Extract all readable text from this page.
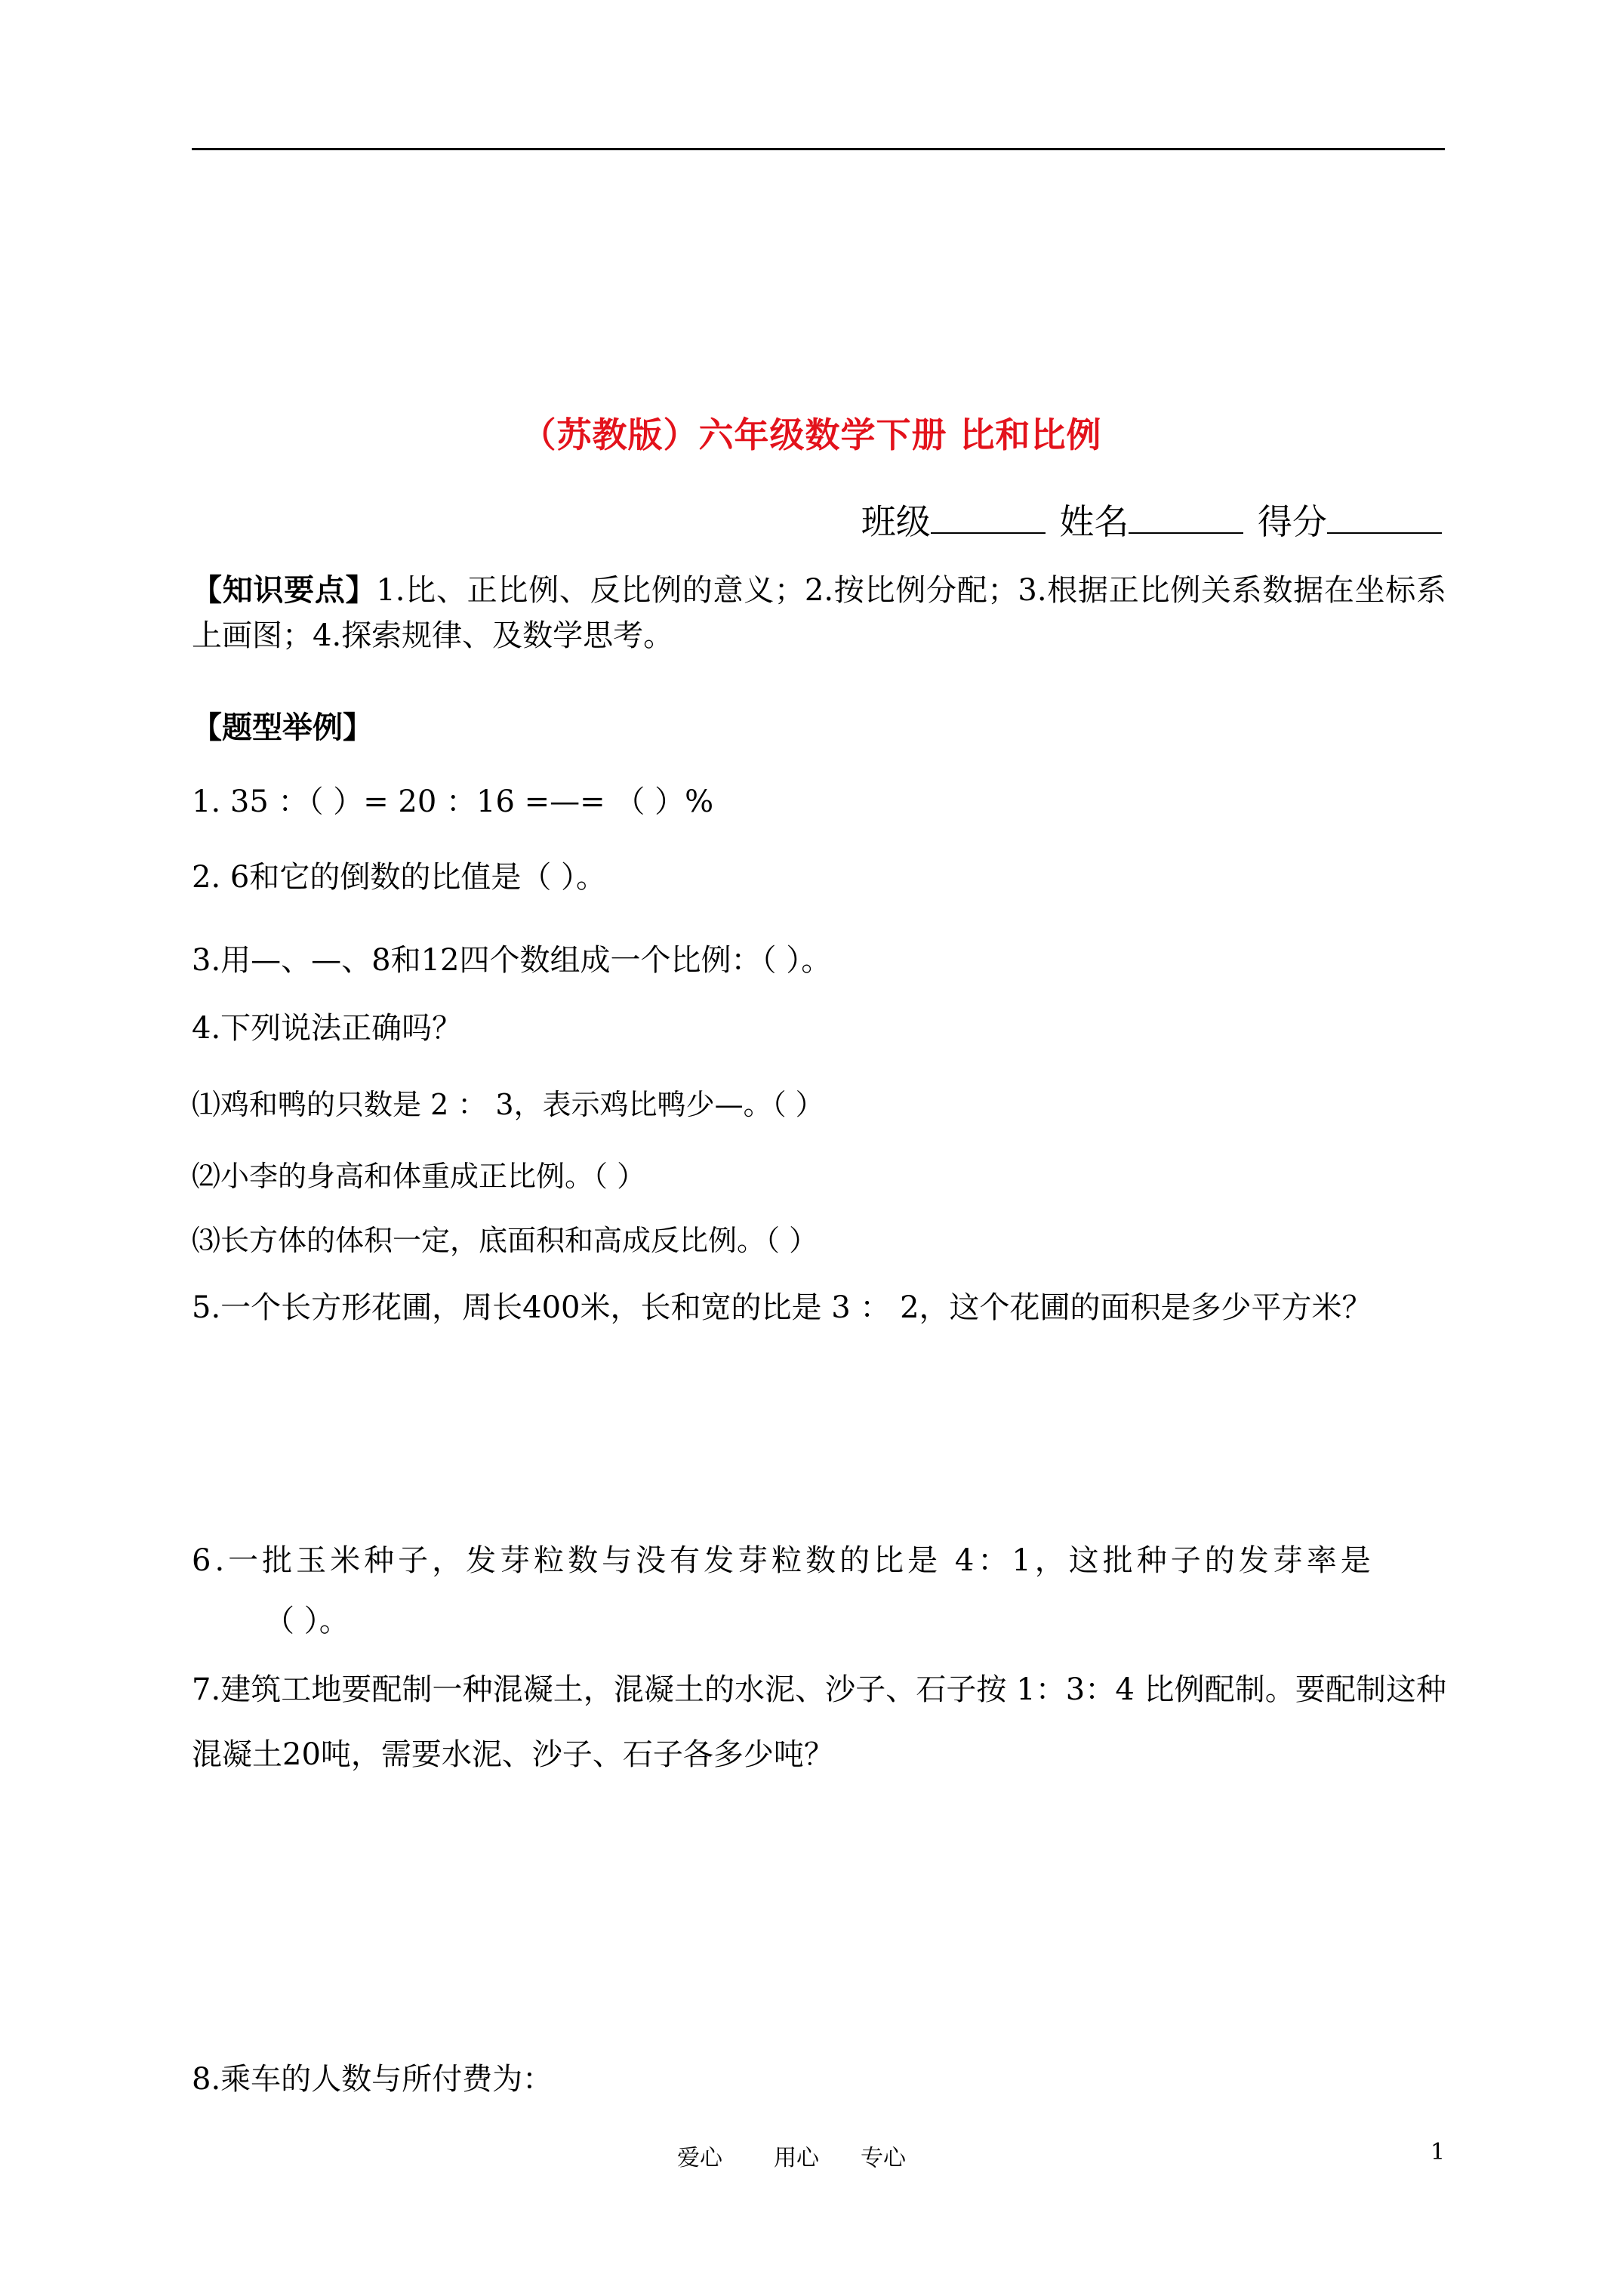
（苏教版）六年级数学下册 比和比例
班级	姓名	得分
【知识要点】1.比、正比例、反比例的意义；2.按比例分配；3.根据正比例关系数据在坐标系上画图；4.探索规律、及数学思考。
【题型举例】
1. 35 ：（ ）= 20 ：16 =—= （ ）%
2. 6和它的倒数的比值是（ ）。
3.用—、—、8和12四个数组成一个比例：（ ）。
4.下列说法正确吗？
⑴鸡和鸭的只数是 2 ： 3，表示鸡比鸭少—。（ ）
⑵小李的身高和体重成正比例。（ ）
⑶长方体的体积一定，底面积和高成反比例。（ ）
5.一个长方形花圃，周长400米，长和宽的比是 3 ： 2，这个花圃的面积是多少平方米？
6.一批玉米种子，发芽粒数与没有发芽粒数的比是 4：1，这批种子的发芽率是
（ ）。
7.建筑工地要配制一种混凝土，混凝土的水泥、沙子、石子按 1：3：4 比例配制。要配制这种混凝土20吨，需要水泥、沙子、石子各多少吨？
8.乘车的人数与所付费为：
爱心 用心 专心	1
